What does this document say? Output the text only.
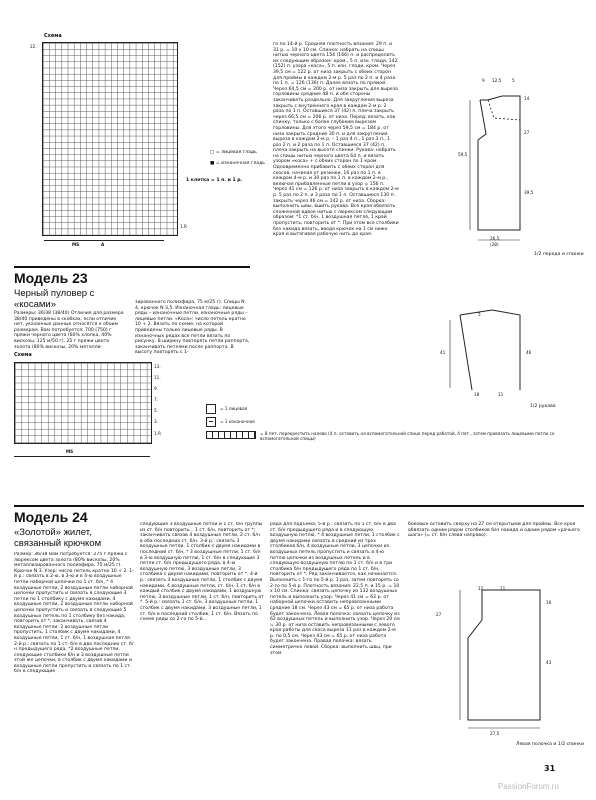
Схема
22.
1.R
MS	A
□ = лицевая гладь
■ = изнаночная гладь
1 клетка = 1 п. и 1 р.
Модель 23
Черный пуловер с «косами»
Размеры: 36/38 (38/40) Отличия для размера 38/40 приведены в скобках, если отличие нет, указанные данные относятся к обоим размерам. Вам потребуется: 700 (750) г пряжи черного цвета (60% хлопка, 40% вискозы, 125 м/50 г), 25 г пряжи цвета золота (80% вискозы, 20% металли-
зированного полиэфира, 75 м/25 г). Спицы N 4, крючок N 3,5. Изнаночная гладь: лицевые ряды – изнаночные петли, изнаночные ряды – лицевые петли. «Коса»: число петель кратно 10 + 2. Вязать по схеме, на которой приведены только лицевые ряды. В изнаночных рядах все петли вязать по рисунку. В ширину повторять петли раппорта, заканчивать петлями после раппорта. В высоту повторять с 1-
Схема
13.
11.
9.
7.
5.
3.
1.R
MS
= 1 лицевая
= 1 изнаночная
= 8 пет. перекрестить налево (4 п. оставить на вспомогательной спице перед работой, 4 пет., затем провязать лицевыми петли со вспомогательной спицы)
го по 14-й р. Средняя плотность вязания: 29 п. и 31 р. = 10 х 10 см. Спинка: набрать на спицы нитью черного цвета 154 (166) п. и распределить их следующим образом: кром., 5 п. изн. глади, 142 (152) п. узора «коса», 5 п. изн. глади, кром. Через 39,5 см = 122 р. от низа закрыть с обеих сторон для проймы в каждом 2-м р. 5 раз по 2 п. и 4 раза по 1 п. = 126 (136) п. Далее вязать по прямой. Через 64,5 см = 200 р. от низа закрыть для выреза горловины средние 48 п. и обе стороны заканчивать раздельно. Для закругления выреза закрыть с внутреннего края в каждом 2-м р. 2 раза по 1 п. Оставшиеся 37 (42) п. плеча закрыть через 66,5 см = 206 р. от низа. Перед: вязать, как спинку, только с более глубоким вырезом горловины. Для этого через 59,5 см = 184 р. от низа закрыть средние 30 п. и для закругления выреза в каждом 2-м р. – 1 раз 4 п., 1 раз 3 п., 1 раз 2 п. и 2 раза по 1 п. Оставшиеся 37 (42) п. плеча закрыть на высоте спинки. Рукава: набрать на спицы нитью черного цвета 64 п. и вязать узором «коса» + с обеих сторон по 1 кром. Одновременно прибавить с обеих сторон для скосов, начиная от резинки, 16 раз по 1 п. в каждом 4-м р. и 30 раз по 1 п. в каждом 2-м р., включая прибавленные петли в узор = 156 п. Через 41 см = 126 р. от низа закрыть в каждом 2-м р. 5 раз по 2 п. и 3 раза по 1 п. Оставшиеся 130 п. закрыть через 46 см = 142 р. от низа. Сборка: выполнить швы, вшить рукава. Все края обвязать сложенной вдвое нитью с люрексом следующим образом: *1 ст. б/н, 1 воздушная петля, 1 край пропустить, повторить от *. При этом все столбики без накида вязать, вводя крючок на 1 см ниже края и вытягивая рабочую нить до края.
9 12,5	5
14
27
59,5
39,5
26,5
(28)
1/2 переда и спинки
5
41	46
18	11
1/2 рукава
Модель 24
«Золотой» жилет, связанный крючком
Размер: 36/38 Вам потребуется: 275 г пряжи с люрексом цвета золота (80% вискозы, 20% металлизированного полиэфира, 75 м/25 г). Крючок N 3. Узор: число петель кратно 10 + 2. 1-й р.: связать в 2-ю, в 3-ю и в 4-ю воздушные петли наборной цепочки по 1 ст. б/н, * 4 воздушные петли, 2 воздушные петли наборной цепочки пропустить и связать в следующие 3 петли по 1 столбику с двумя накидами, 4 воздушные петли, 2 воздушные петли наборной цепочки пропустить и связать в следующие 5 воздушных петель по 1 столбику без накида, повторить от *, заканчивать, связав 4 воздушные петли, 2 воздушные петли пропустить, 1 столбик с двумя накидами, 4 воздушные петли, 1 ст. б/н, 1 воздушная петля. 2-й р.: связать по 1 ст. б/н в два последних ст. б/н предыдущего ряда, *2 воздушные петли, следующие столбики б/н и 3 воздушные петли этой же цепочки, в столбик с двумя накидами и воздушные петли пропустить и связать по 1 ст. б/н в следующие
следующие 3 воздушные петли и 1 ст. б/н группы из ст. б/н повторить... 1 ст. б/н, повторить от *; заканчивать связав 4 воздушные петли, 2 ст. б/н в оба последних ст. б/н. 3-й р.: связать 3 воздушные петли, 1 столбик с двумя накидами в последний ст. б/н, * 3 воздушные петли, 1 ст. б/н в 3-ю воздушную петлю, 1 ст. б/н в следующие 3 петли ст. б/н предыдущего ряда, в 4-ю воздушную петлю, 3 воздушные петли, 3 столбика с двумя накидами, повторить от *. 4-й р.: связать 3 воздушные петли, 1 столбик с двумя накидами, 4 воздушные петли, ст. б/н, 1 ст. б/н в каждый столбик с двумя накидами, 1 воздушную петлю, 3 воздушные петли, 1 ст. б/н, повторить от *. 5-й р.: связать 1 ст. б/н, 3 воздушные петли, 1 столбик с двумя накидами, 3 воздушные петли, 1 ст. б/н в последний столбик, 1 ст. б/н. Вязать по схеме ряды со 2-го по 5-й...
ряда для подъема; 5-й р.: связать по 1 ст. б/н в два ст. б/н предыдущего ряда и в следующую воздушную петлю, * 4 воздушные петли, 1 столбик с двумя накидами связать в средний из трех столбиков б/н, 4 воздушные петли, 3 цепочки из воздушных петель пропустить и связать в 4-ю петлю цепочки из воздушных петель и в следующую воздушную петлю по 1 ст. б/н и в три столбика б/н предыдущего ряда по 1 ст. б/н, повторить от *. Ряд заканчивается, как начинается. Выполнить с 1-го по 5-й р. 1 раз, затем повторять со 2-го по 5-й р. Плотность вязания: 22,5 п. и 15 р. = 10 х 10 см. Спинка: связать цепочку из 132 воздушных петель и выполнить узор. Через 41 см = 62 р. от наборной цепочки оставить непровязанными средние 18 см. Через 43 см = 65 р. от низа работа будет закончена. Левая полочка: связать цепочку из 62 воздушных петель и выполнить узор. Через 20 см = 30 р. от низа оставить непровязанными с левого края работы для скоса выреза 11 раз в каждом 2-м р. по 0,5 см. Через 43 см = 65 р. от низа работа будет закончена. Правая полочка: вязать симметрично левой. Сборка: выполнить швы, при этом
боковые оставить сверху на 27 см открытыми для проймы. Все края обвязать одним рядом столбиков без накида и одним рядом «рачьего шага» (= ст. б/н слева направо).
27
16
43
12	11
27,5
Левая полочка и 1/2 спинки
31
PassionForum.ru
